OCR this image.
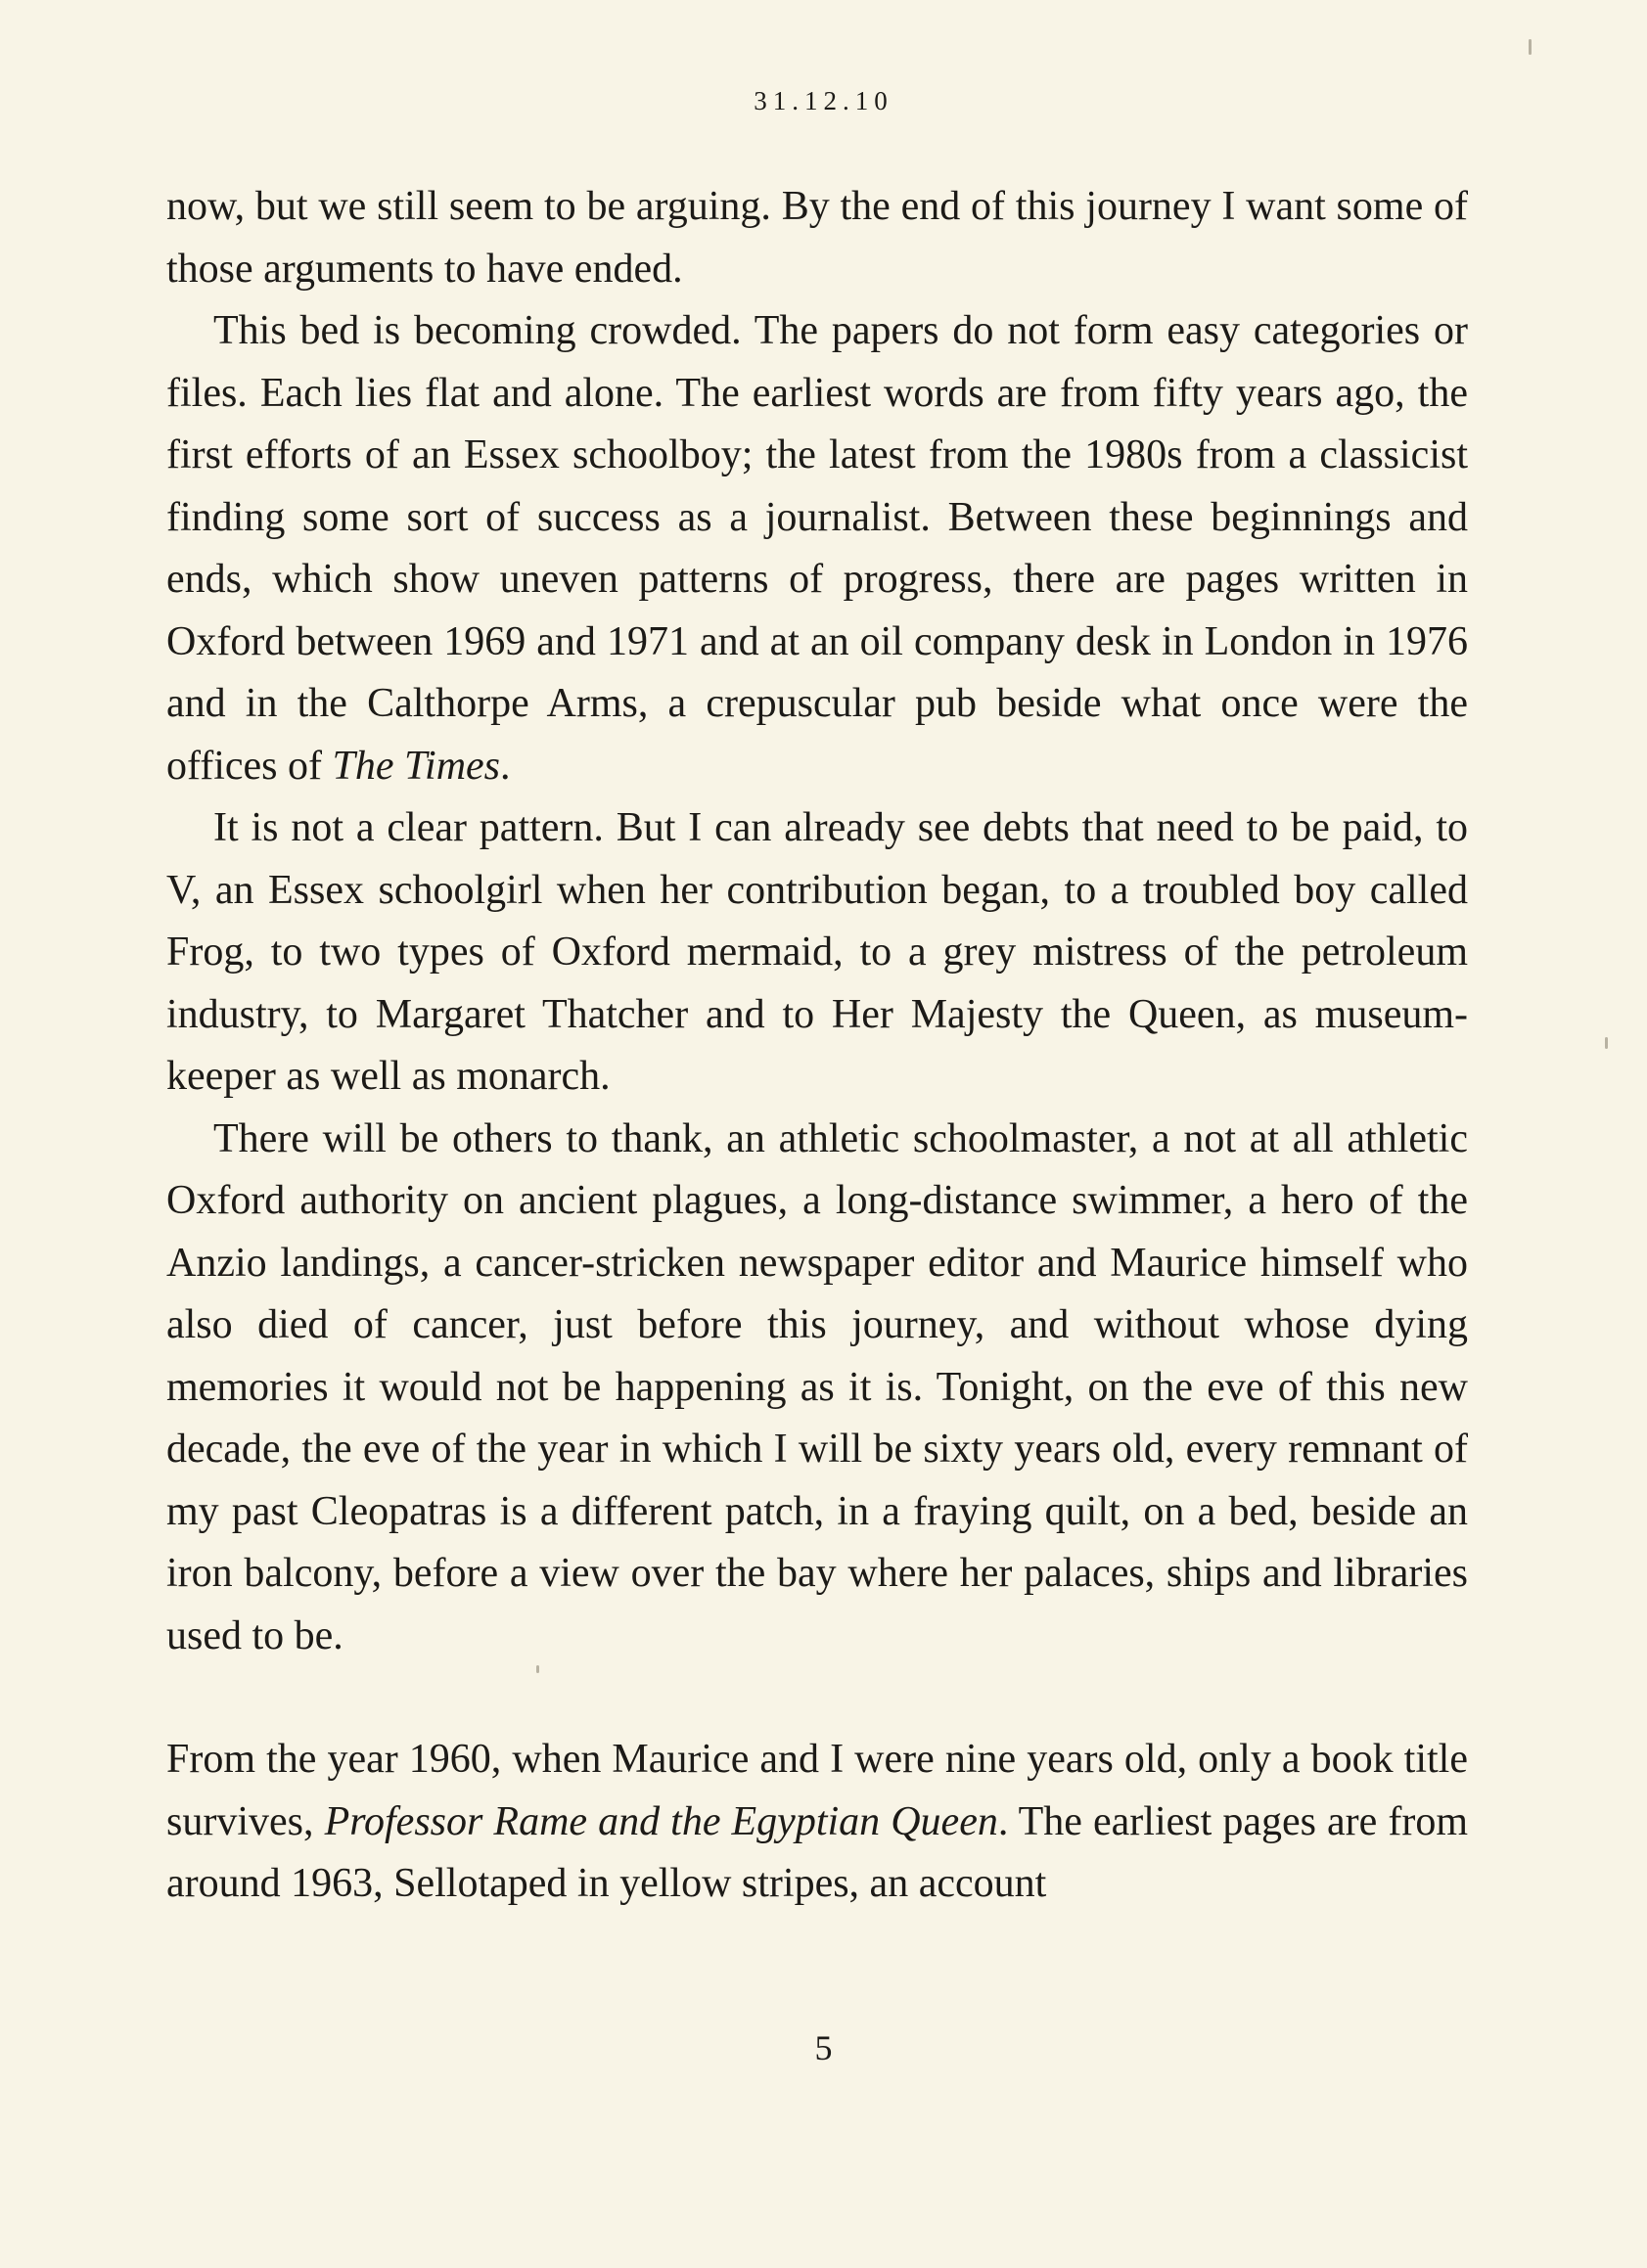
31.12.10

now, but we still seem to be arguing. By the end of this journey I want some of those arguments to have ended.

This bed is becoming crowded. The papers do not form easy categories or files. Each lies flat and alone. The earliest words are from fifty years ago, the first efforts of an Essex schoolboy; the latest from the 1980s from a classicist finding some sort of success as a journalist. Between these beginnings and ends, which show uneven patterns of progress, there are pages written in Oxford between 1969 and 1971 and at an oil company desk in London in 1976 and in the Calthorpe Arms, a crepuscular pub beside what once were the offices of The Times.

It is not a clear pattern. But I can already see debts that need to be paid, to V, an Essex schoolgirl when her contribution began, to a troubled boy called Frog, to two types of Oxford mermaid, to a grey mistress of the petroleum industry, to Margaret Thatcher and to Her Majesty the Queen, as museum-keeper as well as monarch.

There will be others to thank, an athletic schoolmaster, a not at all athletic Oxford authority on ancient plagues, a long-distance swimmer, a hero of the Anzio landings, a cancer-stricken newspaper editor and Maurice himself who also died of cancer, just before this journey, and without whose dying memories it would not be happening as it is. Tonight, on the eve of this new decade, the eve of the year in which I will be sixty years old, every remnant of my past Cleopatras is a different patch, in a fraying quilt, on a bed, beside an iron balcony, before a view over the bay where her palaces, ships and libraries used to be.

From the year 1960, when Maurice and I were nine years old, only a book title survives, Professor Rame and the Egyptian Queen. The earliest pages are from around 1963, Sellotaped in yellow stripes, an account

5
